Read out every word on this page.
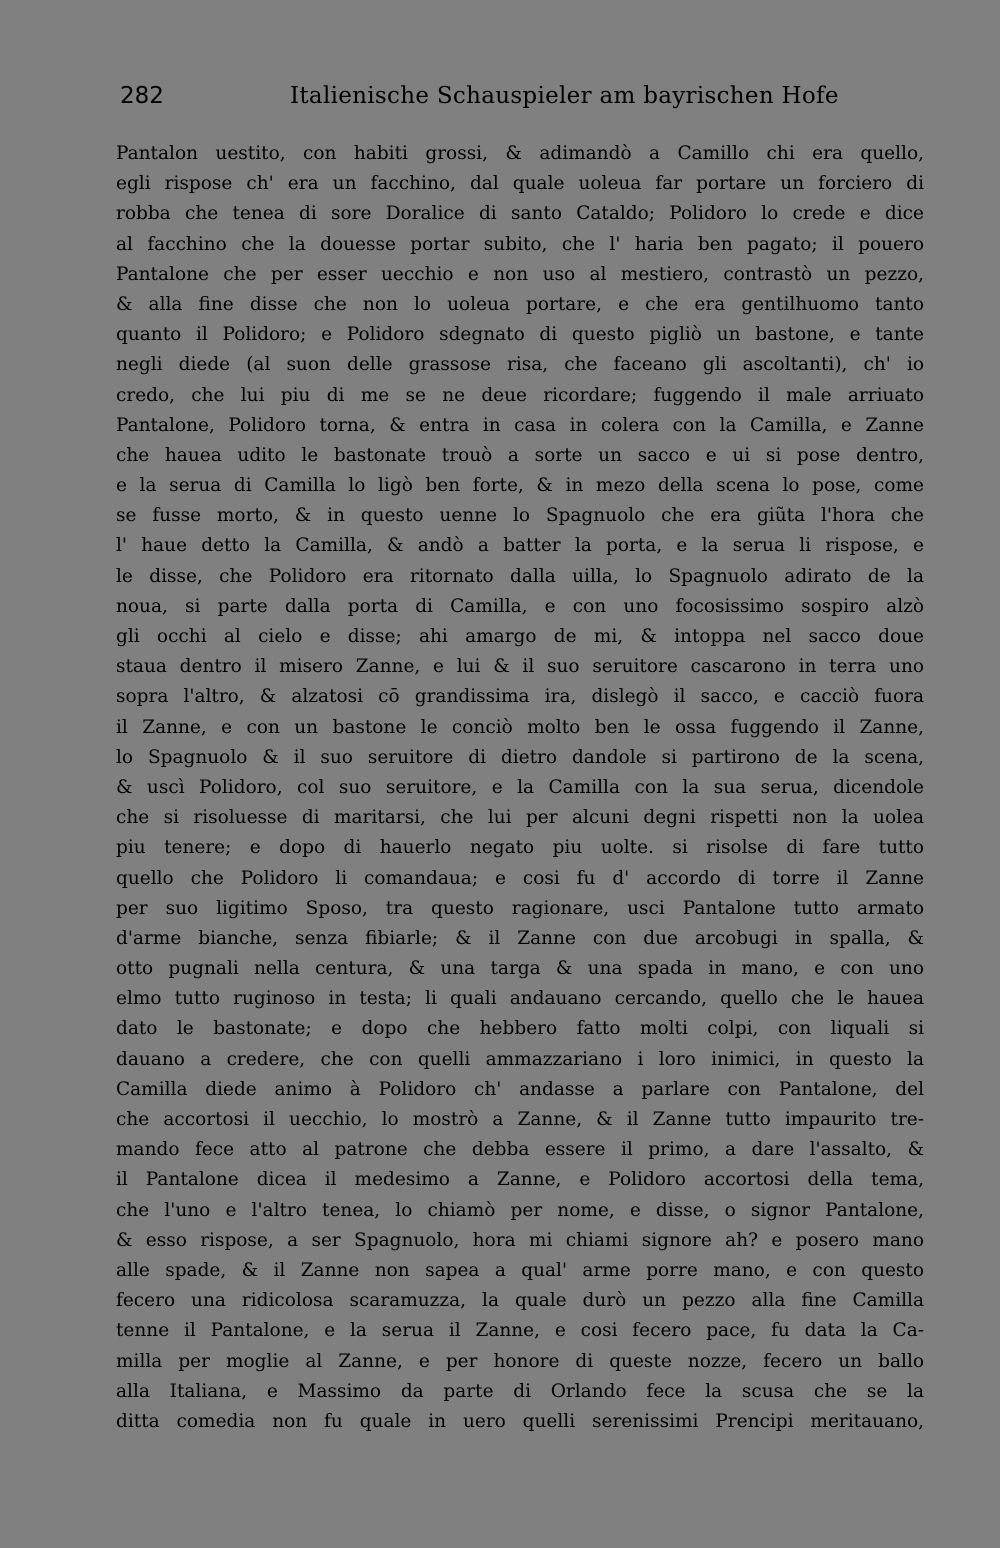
282	Italienische Schauspieler am bayrischen Hofe
Pantalon uestito, con habiti grossi, & adimandò a Camillo chi era quello,
egli rispose ch' era un facchino, dal quale uoleua far portare un forciero di
robba che tenea di sore Doralice di santo Cataldo; Polidoro lo crede e dice
al facchino che la douesse portar subito, che l' haria ben pagato; il pouero
Pantalone che per esser uecchio e non uso al mestiero, contrastò un pezzo,
& alla fine disse che non lo uoleua portare, e che era gentilhuomo tanto
quanto il Polidoro; e Polidoro sdegnato di questo pigliò un bastone, e tante
negli diede (al suon delle grassose risa, che faceano gli ascoltanti), ch' io
credo, che lui piu di me se ne deue ricordare; fuggendo il male arriuato
Pantalone, Polidoro torna, & entra in casa in colera con la Camilla, e Zanne
che hauea udito le bastonate trouò a sorte un sacco e ui si pose dentro,
e la serua di Camilla lo ligò ben forte, & in mezo della scena lo pose, come
se fusse morto, & in questo uenne lo Spagnuolo che era giũta l'hora che
l' haue detto la Camilla, & andò a batter la porta, e la serua li rispose, e
le disse, che Polidoro era ritornato dalla uilla, lo Spagnuolo adirato de la
noua, si parte dalla porta di Camilla, e con uno focosissimo sospiro alzò
gli occhi al cielo e disse; ahi amargo de mi, & intoppa nel sacco doue
staua dentro il misero Zanne, e lui & il suo seruitore cascarono in terra uno
sopra l'altro, & alzatosi cō grandissima ira, dislegò il sacco, e cacciò fuora
il Zanne, e con un bastone le conciò molto ben le ossa fuggendo il Zanne,
lo Spagnuolo & il suo seruitore di dietro dandole si partirono de la scena,
& uscì Polidoro, col suo seruitore, e la Camilla con la sua serua, dicendole
che si risoluesse di maritarsi, che lui per alcuni degni rispetti non la uolea
piu tenere; e dopo di hauerlo negato piu uolte. si risolse di fare tutto
quello che Polidoro li comandaua; e cosi fu d' accordo di torre il Zanne
per suo ligitimo Sposo, tra questo ragionare, usci Pantalone tutto armato
d'arme bianche, senza fibiarle; & il Zanne con due arcobugi in spalla, &
otto pugnali nella centura, & una targa & una spada in mano, e con uno
elmo tutto ruginoso in testa; li quali andauano cercando, quello che le hauea
dato le bastonate; e dopo che hebbero fatto molti colpi, con liquali si
dauano a credere, che con quelli ammazzariano i loro inimici, in questo la
Camilla diede animo à Polidoro ch' andasse a parlare con Pantalone, del
che accortosi il uecchio, lo mostrò a Zanne, & il Zanne tutto impaurito tre-
mando fece atto al patrone che debba essere il primo, a dare l'assalto, &
il Pantalone dicea il medesimo a Zanne, e Polidoro accortosi della tema,
che l'uno e l'altro tenea, lo chiamò per nome, e disse, o signor Pantalone,
& esso rispose, a ser Spagnuolo, hora mi chiami signore ah? e posero mano
alle spade, & il Zanne non sapea a qual' arme porre mano, e con questo
fecero una ridicolosa scaramuzza, la quale durò un pezzo alla fine Camilla
tenne il Pantalone, e la serua il Zanne, e cosi fecero pace, fu data la Ca-
milla per moglie al Zanne, e per honore di queste nozze, fecero un ballo
alla Italiana, e Massimo da parte di Orlando fece la scusa che se la
ditta comedia non fu quale in uero quelli serenissimi Prencipi meritauano,
